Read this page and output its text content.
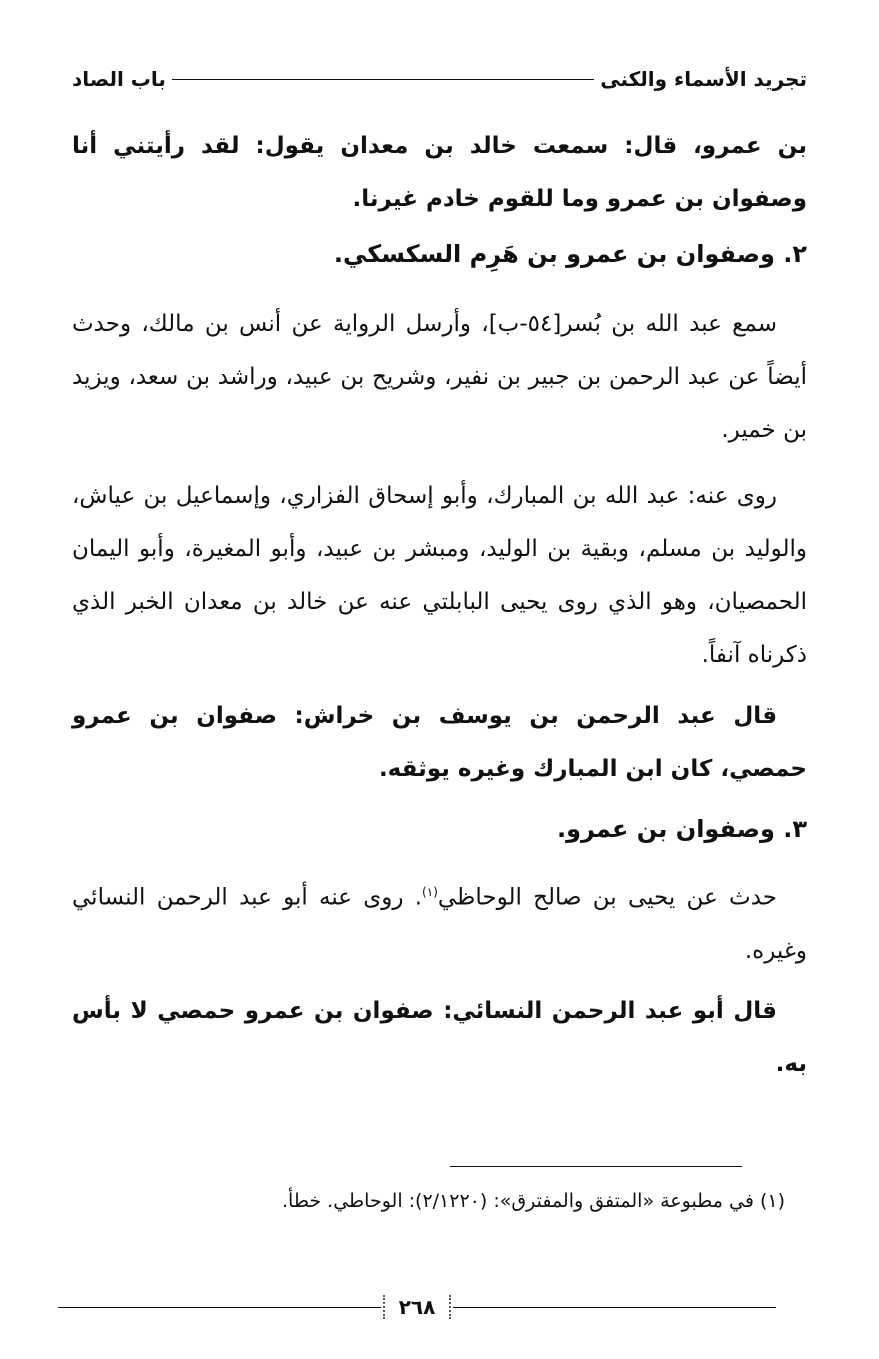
تجريد الأسماء والكنى
باب الصاد
بن عمرو، قال: سمعت خالد بن معدان يقول: لقد رأيتني أنا وصفوان بن عمرو وما للقوم خادم غيرنا.
٢. وصفوان بن عمرو بن هَرِم السكسكي.
سمع عبد الله بن بُسر[٥٤-ب]، وأرسل الرواية عن أنس بن مالك، وحدث أيضاً عن عبد الرحمن بن جبير بن نفير، وشريح بن عبيد، وراشد بن سعد، ويزيد بن خمير.
روى عنه: عبد الله بن المبارك، وأبو إسحاق الفزاري، وإسماعيل بن عياش، والوليد بن مسلم، وبقية بن الوليد، ومبشر بن عبيد، وأبو المغيرة، وأبو اليمان الحمصيان، وهو الذي روى يحيى البابلتي عنه عن خالد بن معدان الخبر الذي ذكرناه آنفاً.
قال عبد الرحمن بن يوسف بن خراش: صفوان بن عمرو حمصي، كان ابن المبارك وغيره يوثقه.
٣. وصفوان بن عمرو.
حدث عن يحيى بن صالح الوحاظي$^{(١)}$. روى عنه أبو عبد الرحمن النسائي وغيره.
قال أبو عبد الرحمن النسائي: صفوان بن عمرو حمصي لا بأس به.
(١) في مطبوعة «المتفق والمفترق»: (٢/١٢٢٠): الوحاطي. خطأ.
٢٦٨
